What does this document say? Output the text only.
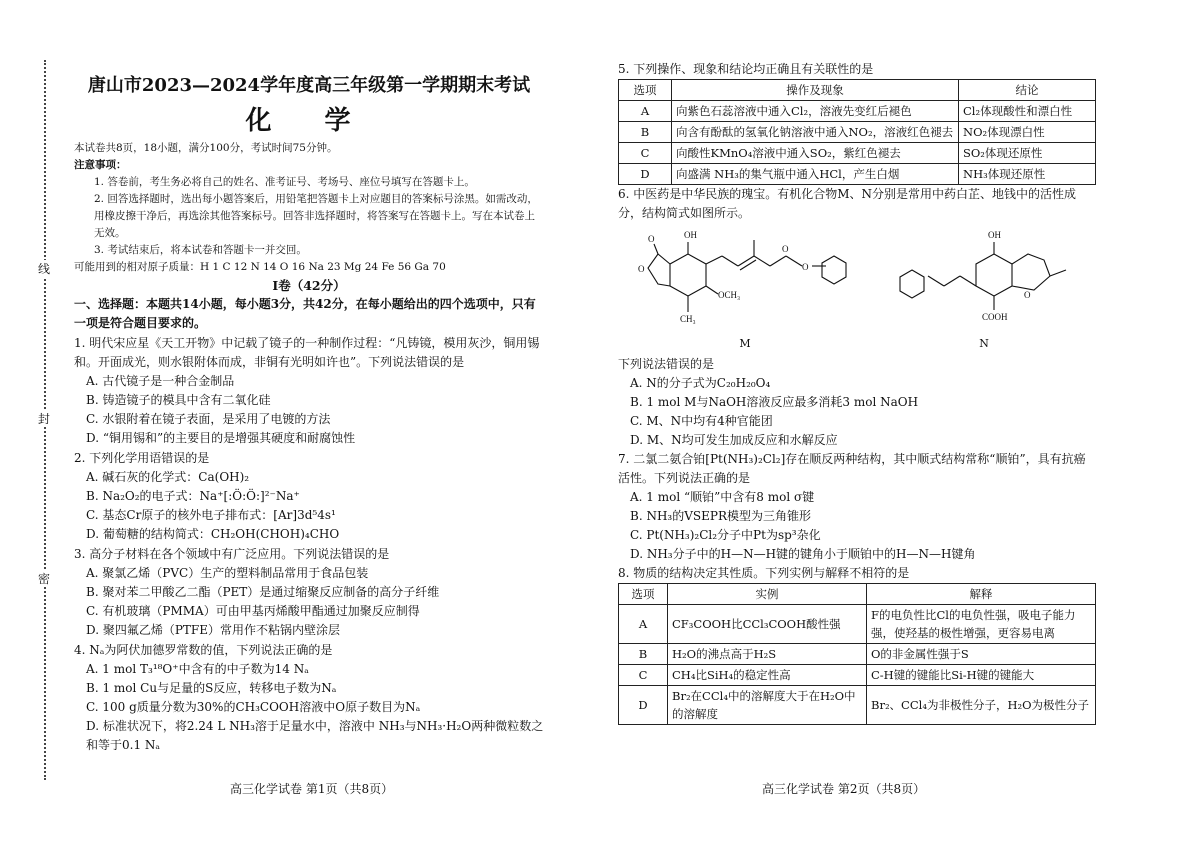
线
封
密
唐山市2023—2024学年度高三年级第一学期期末考试
化 学
本试卷共8页，18小题，满分100分，考试时间75分钟。
注意事项：
1. 答卷前，考生务必将自己的姓名、准考证号、考场号、座位号填写在答题卡上。
2. 回答选择题时，选出每小题答案后，用铅笔把答题卡上对应题目的答案标号涂黑。如需改动，用橡皮擦干净后，再选涂其他答案标号。回答非选择题时，将答案写在答题卡上。写在本试卷上无效。
3. 考试结束后，将本试卷和答题卡一并交回。
可能用到的相对原子质量：H 1 C 12 N 14 O 16 Na 23 Mg 24 Fe 56 Ga 70
Ⅰ卷（42分）
一、选择题：本题共14小题，每小题3分，共42分，在每小题给出的四个选项中，只有一项是符合题目要求的。
1. 明代宋应星《天工开物》中记载了镜子的一种制作过程：“凡铸镜，模用灰沙，铜用锡和。开面成光，则水银附体而成，非铜有光明如许也”。下列说法错误的是
A. 古代镜子是一种合金制品
B. 铸造镜子的模具中含有二氧化硅
C. 水银附着在镜子表面，是采用了电镀的方法
D. “铜用锡和”的主要目的是增强其硬度和耐腐蚀性
2. 下列化学用语错误的是
A. 碱石灰的化学式：Ca(OH)₂
B. Na₂O₂的电子式：Na⁺[:Ö:Ö:]²⁻Na⁺
C. 基态Cr原子的核外电子排布式：[Ar]3d⁵4s¹
D. 葡萄糖的结构简式：CH₂OH(CHOH)₄CHO
3. 高分子材料在各个领域中有广泛应用。下列说法错误的是
A. 聚氯乙烯（PVC）生产的塑料制品常用于食品包装
B. 聚对苯二甲酸乙二酯（PET）是通过缩聚反应制备的高分子纤维
C. 有机玻璃（PMMA）可由甲基丙烯酸甲酯通过加聚反应制得
D. 聚四氟乙烯（PTFE）常用作不粘锅内壁涂层
4. Nₐ为阿伏加德罗常数的值，下列说法正确的是
A. 1 mol T₃¹⁸O⁺中含有的中子数为14 Nₐ
B. 1 mol Cu与足量的S反应，转移电子数为Nₐ
C. 100 g质量分数为30%的CH₃COOH溶液中O原子数目为Nₐ
D. 标准状况下，将2.24 L NH₃溶于足量水中，溶液中 NH₃与NH₃·H₂O两种微粒数之和等于0.1 Nₐ
高三化学试卷 第1页（共8页）
5. 下列操作、现象和结论均正确且有关联性的是
选项	操作及现象	结论
A	向紫色石蕊溶液中通入Cl₂，溶液先变红后褪色	Cl₂体现酸性和漂白性
B	向含有酚酞的氢氧化钠溶液中通入NO₂，溶液红色褪去	NO₂体现漂白性
C	向酸性KMnO₄溶液中通入SO₂，紫红色褪去	SO₂体现还原性
D	向盛满 NH₃的集气瓶中通入HCl，产生白烟	NH₃体现还原性
6. 中医药是中华民族的瑰宝。有机化合物M、N分别是常用中药白芷、地钱中的活性成分，结构简式如图所示。
O
O
OH
O
O
OCH₃
CH₃
M
OH
O
COOH
N
下列说法错误的是
A. N的分子式为C₂₀H₂₀O₄
B. 1 mol M与NaOH溶液反应最多消耗3 mol NaOH
C. M、N中均有4种官能团
D. M、N均可发生加成反应和水解反应
7. 二氯二氨合铂[Pt(NH₃)₂Cl₂]存在顺反两种结构，其中顺式结构常称“顺铂”，具有抗癌活性。下列说法正确的是
A. 1 mol “顺铂”中含有8 mol σ键
B. NH₃的VSEPR模型为三角锥形
C. Pt(NH₃)₂Cl₂分子中Pt为sp³杂化
D. NH₃分子中的H—N—H键的键角小于顺铂中的H—N—H键角
8. 物质的结构决定其性质。下列实例与解释不相符的是
选项	实例	解释
A	CF₃COOH比CCl₃COOH酸性强	F的电负性比Cl的电负性强，吸电子能力强，使羟基的极性增强，更容易电离
B	H₂O的沸点高于H₂S	O的非金属性强于S
C	CH₄比SiH₄的稳定性高	C-H键的键能比Si-H键的键能大
D	Br₂在CCl₄中的溶解度大于在H₂O中的溶解度	Br₂、CCl₄为非极性分子，H₂O为极性分子
高三化学试卷 第2页（共8页）
